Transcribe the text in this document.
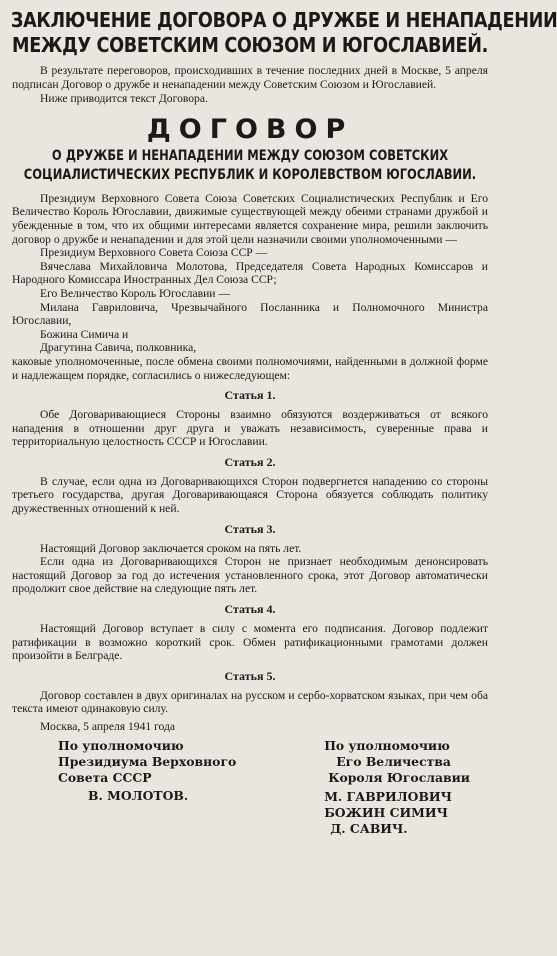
ЗАКЛЮЧЕНИЕ ДОГОВОРА О ДРУЖБЕ И НЕНАПАДЕНИИ
МЕЖДУ СОВЕТСКИМ СОЮЗОМ И ЮГОСЛАВИЕЙ.

В результате переговоров, происходивших в течение последних дней в Москве, 5 апреля подписан Договор о дружбе и ненападении между Советским Союзом и Югославией.

Ниже приводится текст Договора.

ДОГОВОР
О ДРУЖБЕ И НЕНАПАДЕНИИ МЕЖДУ СОЮЗОМ СОВЕТСКИХ
СОЦИАЛИСТИЧЕСКИХ РЕСПУБЛИК И КОРОЛЕВСТВОМ ЮГОСЛАВИИ.

Президиум Верховного Совета Союза Советских Социалистических Республик и Его Величество Король Югославии, движимые существующей между обеими странами дружбой и убежденные в том, что их общими интересами является сохранение мира, решили заключить договор о дружбе и ненападении и для этой цели назначили своими уполномоченными —

Президиум Верховного Совета Союза ССР —

Вячеслава Михайловича Молотова, Председателя Совета Народных Комиссаров и Народного Комиссара Иностранных Дел Союза ССР;

Его Величество Король Югославии —

Милана Гавриловича, Чрезвычайного Посланника и Полномочного Министра Югославии,

Божина Симича и

Драгутина Савича, полковника,

каковые уполномоченные, после обмена своими полномочиями, найденными в должной форме и надлежащем порядке, согласились о нижеследующем:

Статья 1.

Обе Договаривающиеся Стороны взаимно обязуются воздерживаться от всякого нападения в отношении друг друга и уважать независимость, суверенные права и территориальную целостность СССР и Югославии.

Статья 2.

В случае, если одна из Договаривающихся Сторон подвергнется нападению со стороны третьего государства, другая Договаривающаяся Сторона обязуется соблюдать политику дружественных отношений к ней.

Статья 3.

Настоящий Договор заключается сроком на пять лет.

Если одна из Договаривающихся Сторон не признает необходимым денонсировать настоящий Договор за год до истечения установленного срока, этот Договор автоматически продолжит свое действие на следующие пять лет.

Статья 4.

Настоящий Договор вступает в силу с момента его подписания. Договор подлежит ратификации в возможно короткий срок. Обмен ратификационными грамотами должен произойти в Белграде.

Статья 5.

Договор составлен в двух оригиналах на русском и сербо-хорватском языках, при чем оба текста имеют одинаковую силу.

Москва, 5 апреля 1941 года

По уполномочию
Президиума Верховного
Совета СССР
В. МОЛОТОВ.
По уполномочию
Его Величества
Короля Югославии
М. ГАВРИЛОВИЧ
БОЖИН СИМИЧ
Д. САВИЧ.
